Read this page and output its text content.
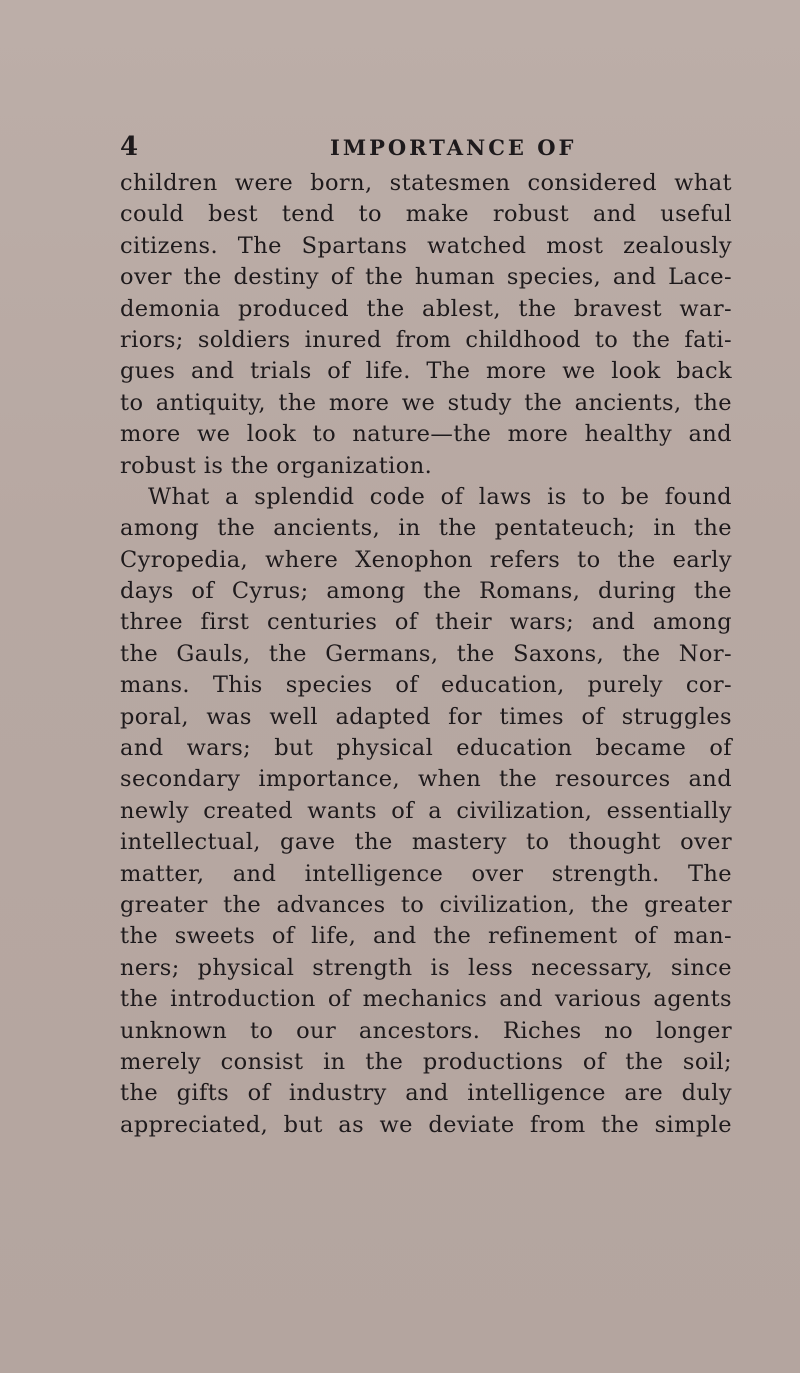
4	IMPORTANCE OF
children were born, statesmen considered what
could best tend to make robust and useful
citizens. The Spartans watched most zealously
over the destiny of the human species, and Lace-
demonia produced the ablest, the bravest war-
riors; soldiers inured from childhood to the fati-
gues and trials of life. The more we look back
to antiquity, the more we study the ancients, the
more we look to nature—the more healthy and
robust is the organization.
What a splendid code of laws is to be found
among the ancients, in the pentateuch; in the
Cyropedia, where Xenophon refers to the early
days of Cyrus; among the Romans, during the
three first centuries of their wars; and among
the Gauls, the Germans, the Saxons, the Nor-
mans. This species of education, purely cor-
poral, was well adapted for times of struggles
and wars; but physical education became of
secondary importance, when the resources and
newly created wants of a civilization, essentially
intellectual, gave the mastery to thought over
matter, and intelligence over strength. The
greater the advances to civilization, the greater
the sweets of life, and the refinement of man-
ners; physical strength is less necessary, since
the introduction of mechanics and various agents
unknown to our ancestors. Riches no longer
merely consist in the productions of the soil;
the gifts of industry and intelligence are duly
appreciated, but as we deviate from the simple
